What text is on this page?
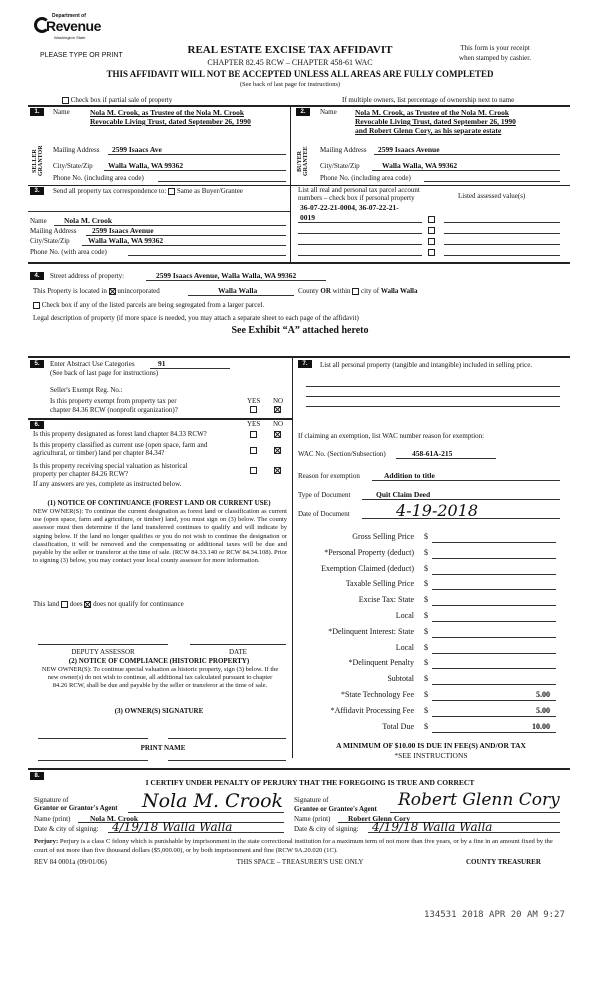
Department of
Revenue
Washington State
PLEASE TYPE OR PRINT	REAL ESTATE EXCISE TAX AFFIDAVIT
CHAPTER 82.45 RCW – CHAPTER 458-61 WAC
THIS AFFIDAVIT WILL NOT BE ACCEPTED UNLESS ALL AREAS ARE FULLY COMPLETED
(See back of last page for instructions)
This form is your receipt
when stamped by cashier.
Check box if partial sale of property	If multiple owners, list percentage of ownership next to name
1.	Name	Nola M. Crook, as Trustee of the Nola M. Crook
Revocable Living Trust, dated September 26, 1990
SELLER GRANTOR Mailing Address 2599 Isaacs Ave
City/State/Zip Walla Walla, WA 99362
Phone No. (including area code)
2.	Name Nola M. Crook, as Trustee of the Nola M. Crook
Revocable Living Trust, dated September 26, 1990
and Robert Glenn Cory, as his separate estate
BUYER GRANTEE Mailing Address 2599 Isaacs Avenue
City/State/Zip	Walla Walla, WA 99362
Phone No. (including area code)
3.	Send all property tax correspondence to: Same as Buyer/Grantee	List all real and personal tax parcel account
numbers – check box if personal property	Listed assessed value(s)
36-07-22-21-0004, 36-07-22-21-
0019
Name Nola M. Crook
Mailing Address 2599 Isaacs Avenue
City/State/Zip Walla Walla, WA 99362
Phone No. (with area code)
4.	Street address of property:	2599 Isaacs Avenue, Walla Walla, WA 99362
This Property is located in unincorporated	Walla Walla	County OR within city of Walla Walla
Check box if any of the listed parcels are being segregated from a larger parcel.
Legal description of property (if more space is needed, you may attach a separate sheet to each page of the affidavit)
See Exhibit “A” attached hereto
5.	Enter Abstract Use Categories	91
(See back of last page for instructions)
Seller's Exempt Reg. No.:
Is this property exempt from property tax per
chapter 84.36 RCW (nonprofit organization)?
YES NO
7.	List all personal property (tangible and intangible) included in selling price.
6.	YES NO
Is this property designated as forest land chapter 84.33 RCW?
Is this property classified as current use (open space, farm and
agricultural, or timber) land per chapter 84.34?
Is this property receiving special valuation as historical
property per chapter 84.26 RCW?
If any answers are yes, complete as instructed below.
(1) NOTICE OF CONTINUANCE (FOREST LAND OR CURRENT USE)
NEW OWNER(S): To continue the current designation as forest land or classification as current use (open space, farm and agriculture, or timber) land, you must sign on (3) below. The county assessor must then determine if the land transferred continues to qualify and will indicate by signing below. If the land no longer qualifies or you do not wish to continue the designation or classification, it will be removed and the compensating or additional taxes will be due and payable by the seller or transferor at the time of sale. (RCW 84.33.140 or RCW 84.34.108). Prior to signing (3) below, you may contact your local county assessor for more information.
This land does does not qualify for continuance
DEPUTY ASSESSOR	DATE
(2) NOTICE OF COMPLIANCE (HISTORIC PROPERTY)
NEW OWNER(S): To continue special valuation as historic property, sign (3) below. If the new owner(s) do not wish to continue, all additional tax calculated pursuant to chapter 84.26 RCW, shall be due and payable by the seller or transferor at the time of sale.
(3) OWNER(S) SIGNATURE
PRINT NAME
If claiming an exemption, list WAC number reason for exemption:
WAC No. (Section/Subsection)	458-61A-215
Reason for exemption	Addition to title
Type of Document	Quit Claim Deed
Date of Document	4-19-2018
Gross Selling Price $
*Personal Property (deduct) $
Exemption Claimed (deduct) $
Taxable Selling Price $
Excise Tax: State $
Local $
*Delinquent Interest: State $
Local $
*Delinquent Penalty $
Subtotal $
*State Technology Fee $	5.00
*Affidavit Processing Fee $	5.00
Total Due $	10.00
A MINIMUM OF $10.00 IS DUE IN FEE(S) AND/OR TAX
*SEE INSTRUCTIONS
8.
I CERTIFY UNDER PENALTY OF PERJURY THAT THE FOREGOING IS TRUE AND CORRECT
Signature of
Grantor or Grantor's Agent Nola M. Crook
Name (print)	Nola M. Crook
Date & city of signing: 4/19/18 Walla Walla
Signature of
Grantee or Grantee's Agent Robert Glenn Cory
Name (print) Robert Glenn Cory
Date & city of signing: 4/19/18 Walla Walla
Perjury: Perjury is a class C felony which is punishable by imprisonment in the state correctional institution for a maximum term of not more than five years, or by a fine in an amount fixed by the court of not more than five thousand dollars ($5,000.00), or by both imprisonment and fine (RCW 9A.20.020 (1C).
REV 84 0001a (09/01/06)	THIS SPACE – TREASURER'S USE ONLY	COUNTY TREASURER
134531 2018 APR 20 AM 9:27
